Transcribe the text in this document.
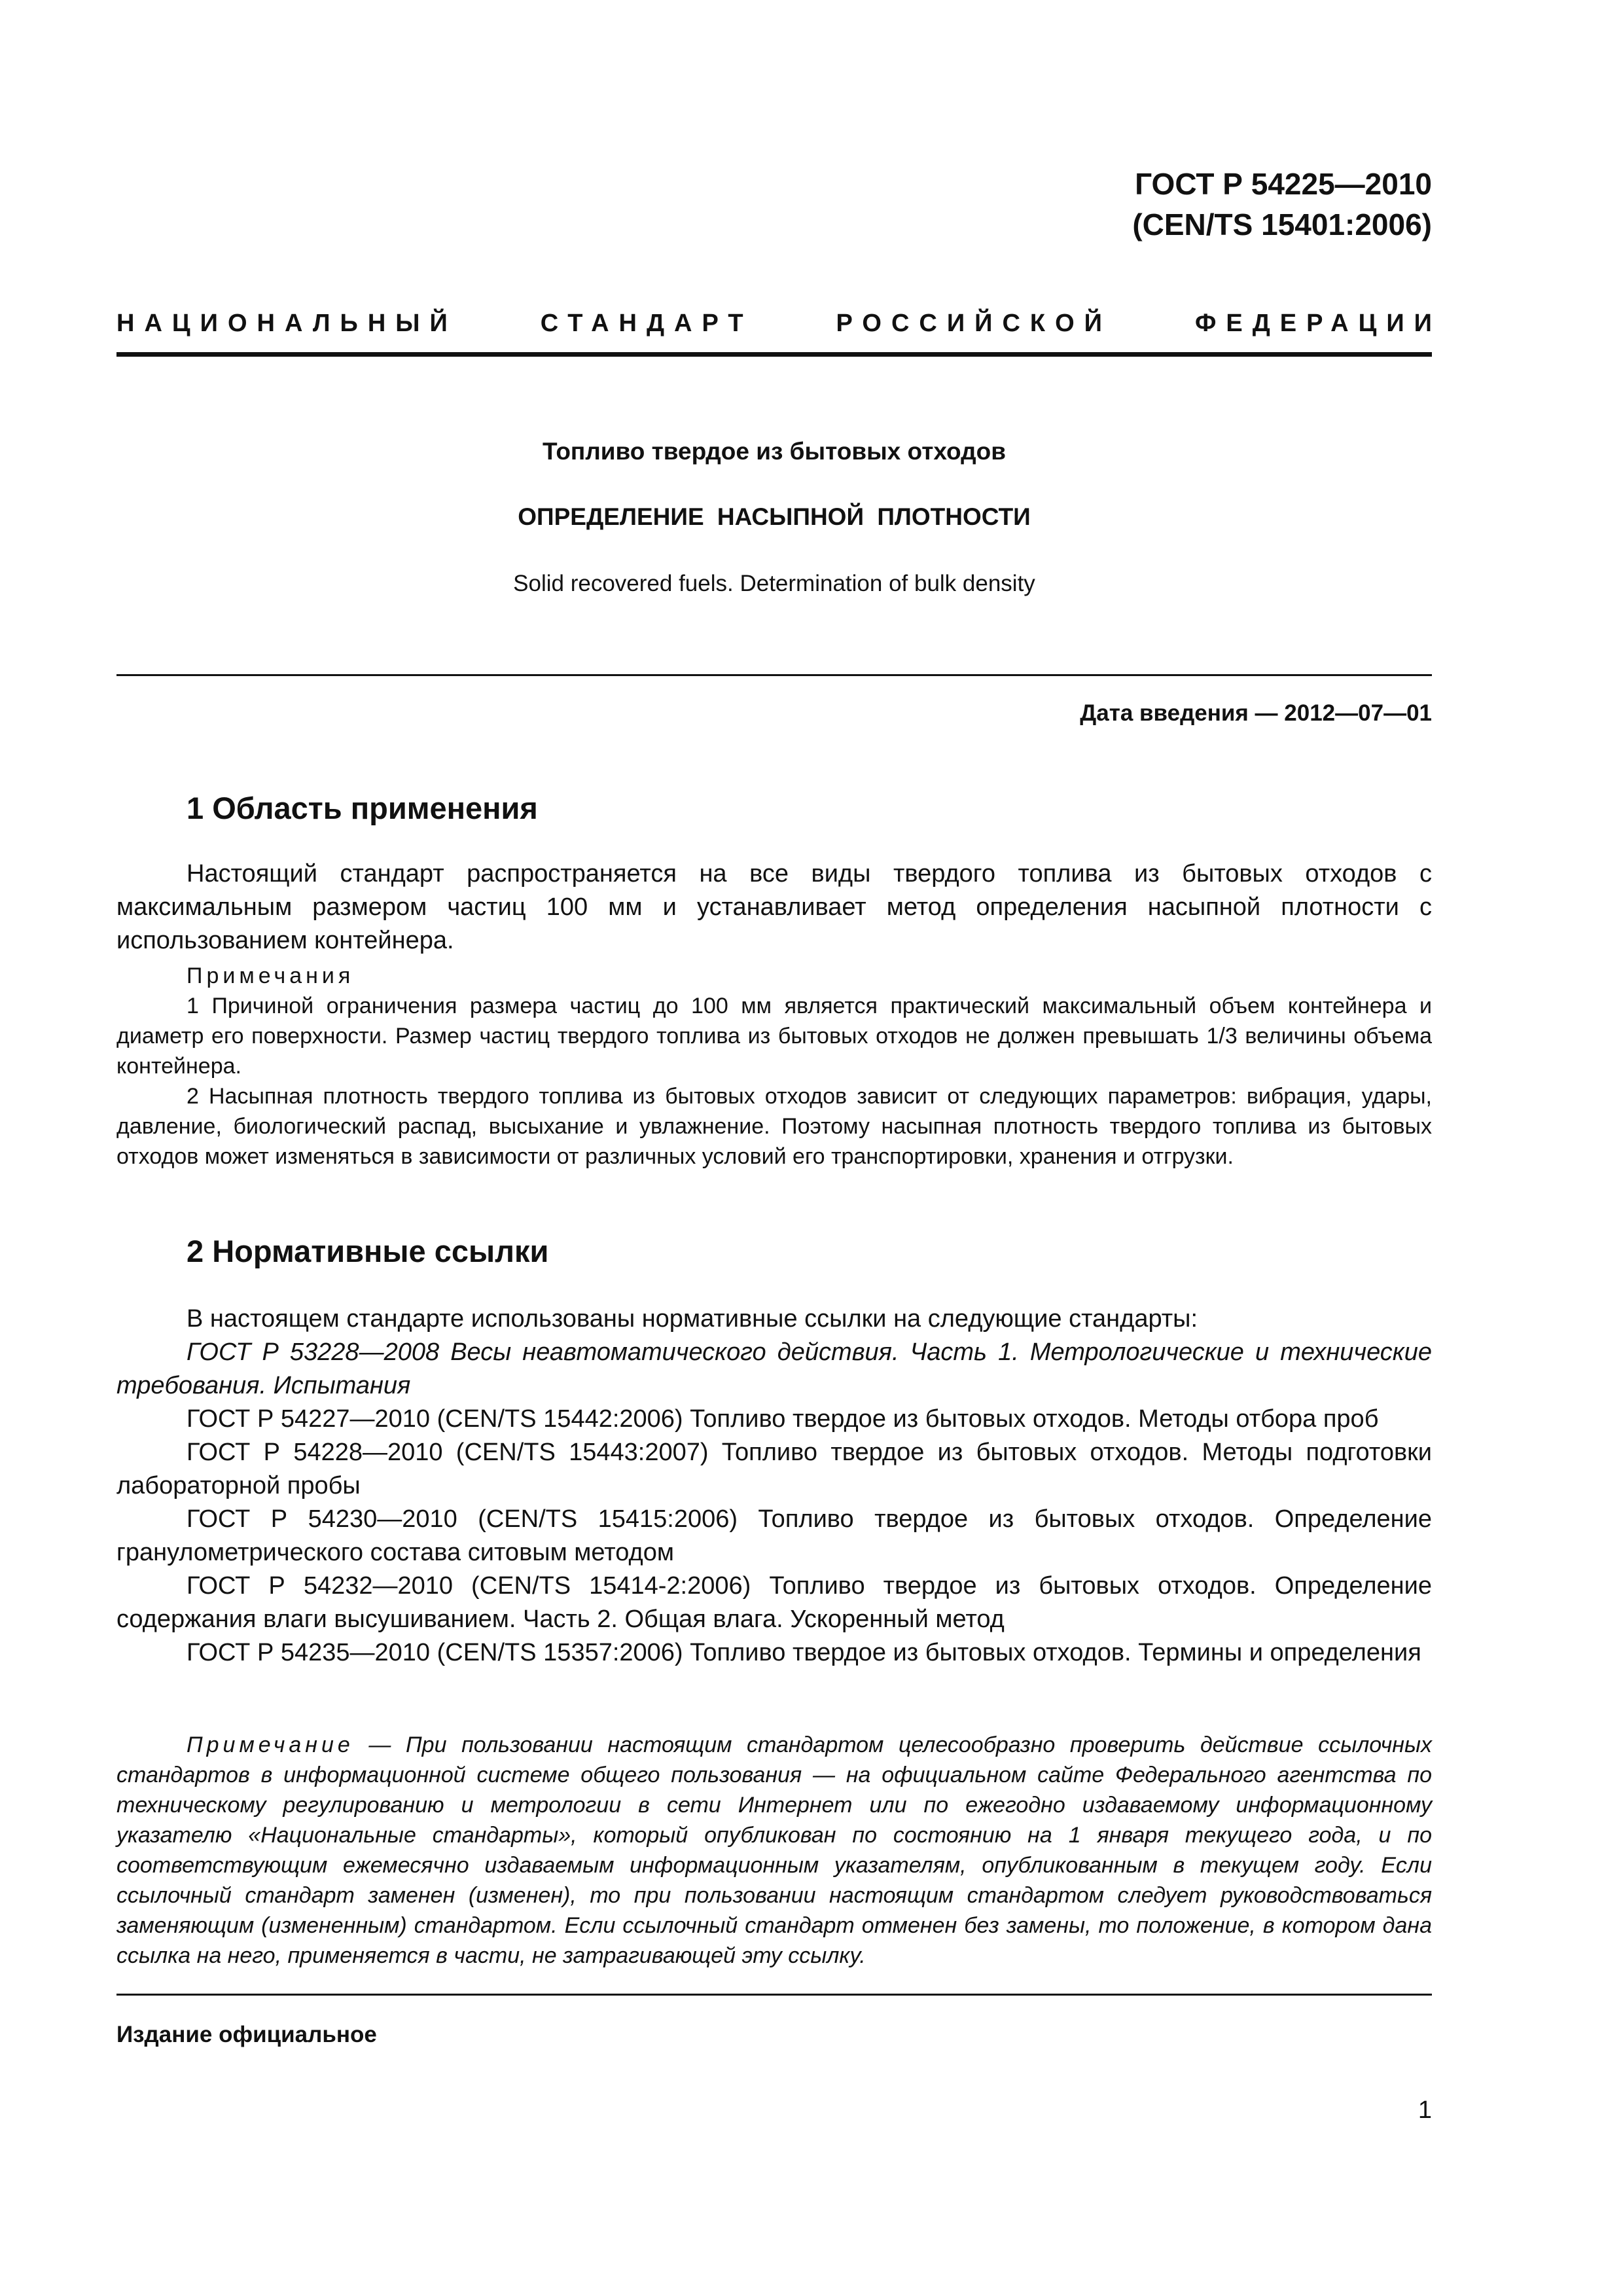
ГОСТ Р 54225—2010
(CEN/TS 15401:2006)
НАЦИОНАЛЬНЫЙ	СТАНДАРТ	РОССИЙСКОЙ	ФЕДЕРАЦИИ
Топливо твердое из бытовых отходов
ОПРЕДЕЛЕНИЕ НАСЫПНОЙ ПЛОТНОСТИ
Solid recovered fuels. Determination of bulk density
Дата введения — 2012—07—01
1 Область применения

Настоящий стандарт распространяется на все виды твердого топлива из бытовых отходов с максимальным размером частиц 100 мм и устанавливает метод определения насыпной плотности с использованием контейнера.

Примечания

1 Причиной ограничения размера частиц до 100 мм является практический максимальный объем контейнера и диаметр его поверхности. Размер частиц твердого топлива из бытовых отходов не должен превышать 1/3 величины объема контейнера.

2 Насыпная плотность твердого топлива из бытовых отходов зависит от следующих параметров: вибрация, удары, давление, биологический распад, высыхание и увлажнение. Поэтому насыпная плотность твердого топлива из бытовых отходов может изменяться в зависимости от различных условий его транспортировки, хранения и отгрузки.

2 Нормативные ссылки

В настоящем стандарте использованы нормативные ссылки на следующие стандарты:

ГОСТ Р 53228—2008 Весы неавтоматического действия. Часть 1. Метрологические и технические требования. Испытания

ГОСТ Р 54227—2010 (CEN/TS 15442:2006) Топливо твердое из бытовых отходов. Методы отбора проб

ГОСТ Р 54228—2010 (CEN/TS 15443:2007) Топливо твердое из бытовых отходов. Методы подготовки лабораторной пробы

ГОСТ Р 54230—2010 (CEN/TS 15415:2006) Топливо твердое из бытовых отходов. Определение гранулометрического состава ситовым методом

ГОСТ Р 54232—2010 (CEN/TS 15414-2:2006) Топливо твердое из бытовых отходов. Определение содержания влаги высушиванием. Часть 2. Общая влага. Ускоренный метод

ГОСТ Р 54235—2010 (CEN/TS 15357:2006) Топливо твердое из бытовых отходов. Термины и определения

Примечание — При пользовании настоящим стандартом целесообразно проверить действие ссылочных стандартов в информационной системе общего пользования — на официальном сайте Федерального агентства по техническому регулированию и метрологии в сети Интернет или по ежегодно издаваемому информационному указателю «Национальные стандарты», который опубликован по состоянию на 1 января текущего года, и по соответствующим ежемесячно издаваемым информационным указателям, опубликованным в текущем году. Если ссылочный стандарт заменен (изменен), то при пользовании настоящим стандартом следует руководствоваться заменяющим (измененным) стандартом. Если ссылочный стандарт отменен без замены, то положение, в котором дана ссылка на него, применяется в части, не затрагивающей эту ссылку.

Издание официальное
1
